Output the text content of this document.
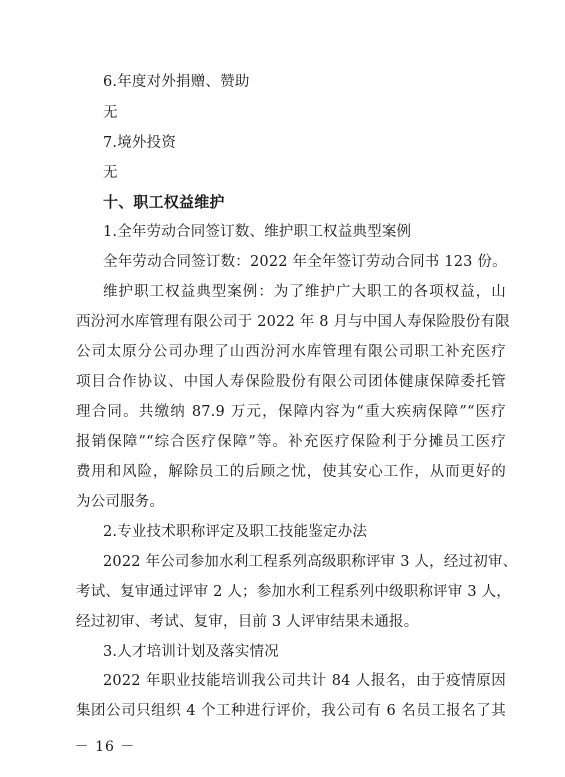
6.年度对外捐赠、赞助
无
7.境外投资
无
十、职工权益维护
1.全年劳动合同签订数、维护职工权益典型案例
全年劳动合同签订数：2022 年全年签订劳动合同书 123 份。
维护职工权益典型案例：为了维护广大职工的各项权益，山
西汾河水库管理有限公司于 2022 年 8 月与中国人寿保险股份有限
公司太原分公司办理了山西汾河水库管理有限公司职工补充医疗
项目合作协议、中国人寿保险股份有限公司团体健康保障委托管
理合同。共缴纳 87.9 万元，保障内容为“重大疾病保障”“医疗
报销保障”“综合医疗保障”等。补充医疗保险利于分摊员工医疗
费用和风险，解除员工的后顾之忧，使其安心工作，从而更好的
为公司服务。
2.专业技术职称评定及职工技能鉴定办法
2022 年公司参加水利工程系列高级职称评审 3 人，经过初审、
考试、复审通过评审 2 人；参加水利工程系列中级职称评审 3 人，
经过初审、考试、复审，目前 3 人评审结果未通报。
3.人才培训计划及落实情况
2022 年职业技能培训我公司共计 84 人报名，由于疫情原因
集团公司只组织 4 个工种进行评价，我公司有 6 名员工报名了其
－ 16 －
